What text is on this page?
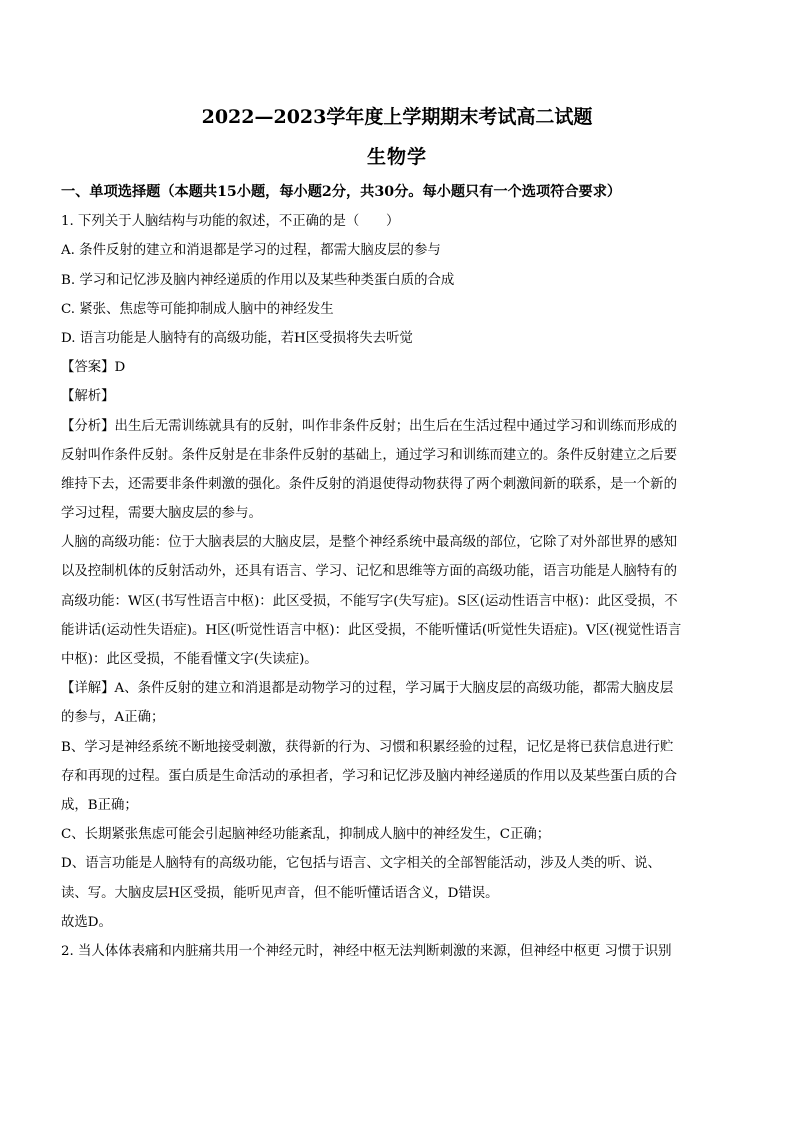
2022—2023学年度上学期期末考试高二试题
生物学
一、单项选择题（本题共15小题，每小题2分，共30分。每小题只有一个选项符合要求）
1. 下列关于人脑结构与功能的叙述，不正确的是（　　）
A. 条件反射的建立和消退都是学习的过程，都需大脑皮层的参与
B. 学习和记忆涉及脑内神经递质的作用以及某些种类蛋白质的合成
C. 紧张、焦虑等可能抑制成人脑中的神经发生
D. 语言功能是人脑特有的高级功能，若H区受损将失去听觉
【答案】D
【解析】
【分析】出生后无需训练就具有的反射，叫作非条件反射；出生后在生活过程中通过学习和训练而形成的
反射叫作条件反射。条件反射是在非条件反射的基础上，通过学习和训练而建立的。条件反射建立之后要
维持下去，还需要非条件刺激的强化。条件反射的消退使得动物获得了两个刺激间新的联系，是一个新的
学习过程，需要大脑皮层的参与。
人脑的高级功能：位于大脑表层的大脑皮层，是整个神经系统中最高级的部位，它除了对外部世界的感知
以及控制机体的反射活动外，还具有语言、学习、记忆和思维等方面的高级功能，语言功能是人脑特有的
高级功能：W区(书写性语言中枢)：此区受损，不能写字(失写症)。S区(运动性语言中枢)：此区受损，不
能讲话(运动性失语症)。H区(听觉性语言中枢)：此区受损，不能听懂话(听觉性失语症)。V区(视觉性语言
中枢)：此区受损，不能看懂文字(失读症)。
【详解】A、条件反射的建立和消退都是动物学习的过程，学习属于大脑皮层的高级功能，都需大脑皮层
的参与，A正确；
B、学习是神经系统不断地接受刺激，获得新的行为、习惯和积累经验的过程，记忆是将已获信息进行贮
存和再现的过程。蛋白质是生命活动的承担者，学习和记忆涉及脑内神经递质的作用以及某些蛋白质的合
成，B正确；
C、长期紧张焦虑可能会引起脑神经功能紊乱，抑制成人脑中的神经发生，C正确；
D、语言功能是人脑特有的高级功能，它包括与语言、文字相关的全部智能活动，涉及人类的听、说、
读、写。大脑皮层H区受损，能听见声音，但不能听懂话语含义，D错误。
故选D。
2. 当人体体表痛和内脏痛共用一个神经元时，神经中枢无法判断刺激的来源，但神经中枢更 习惯于识别
